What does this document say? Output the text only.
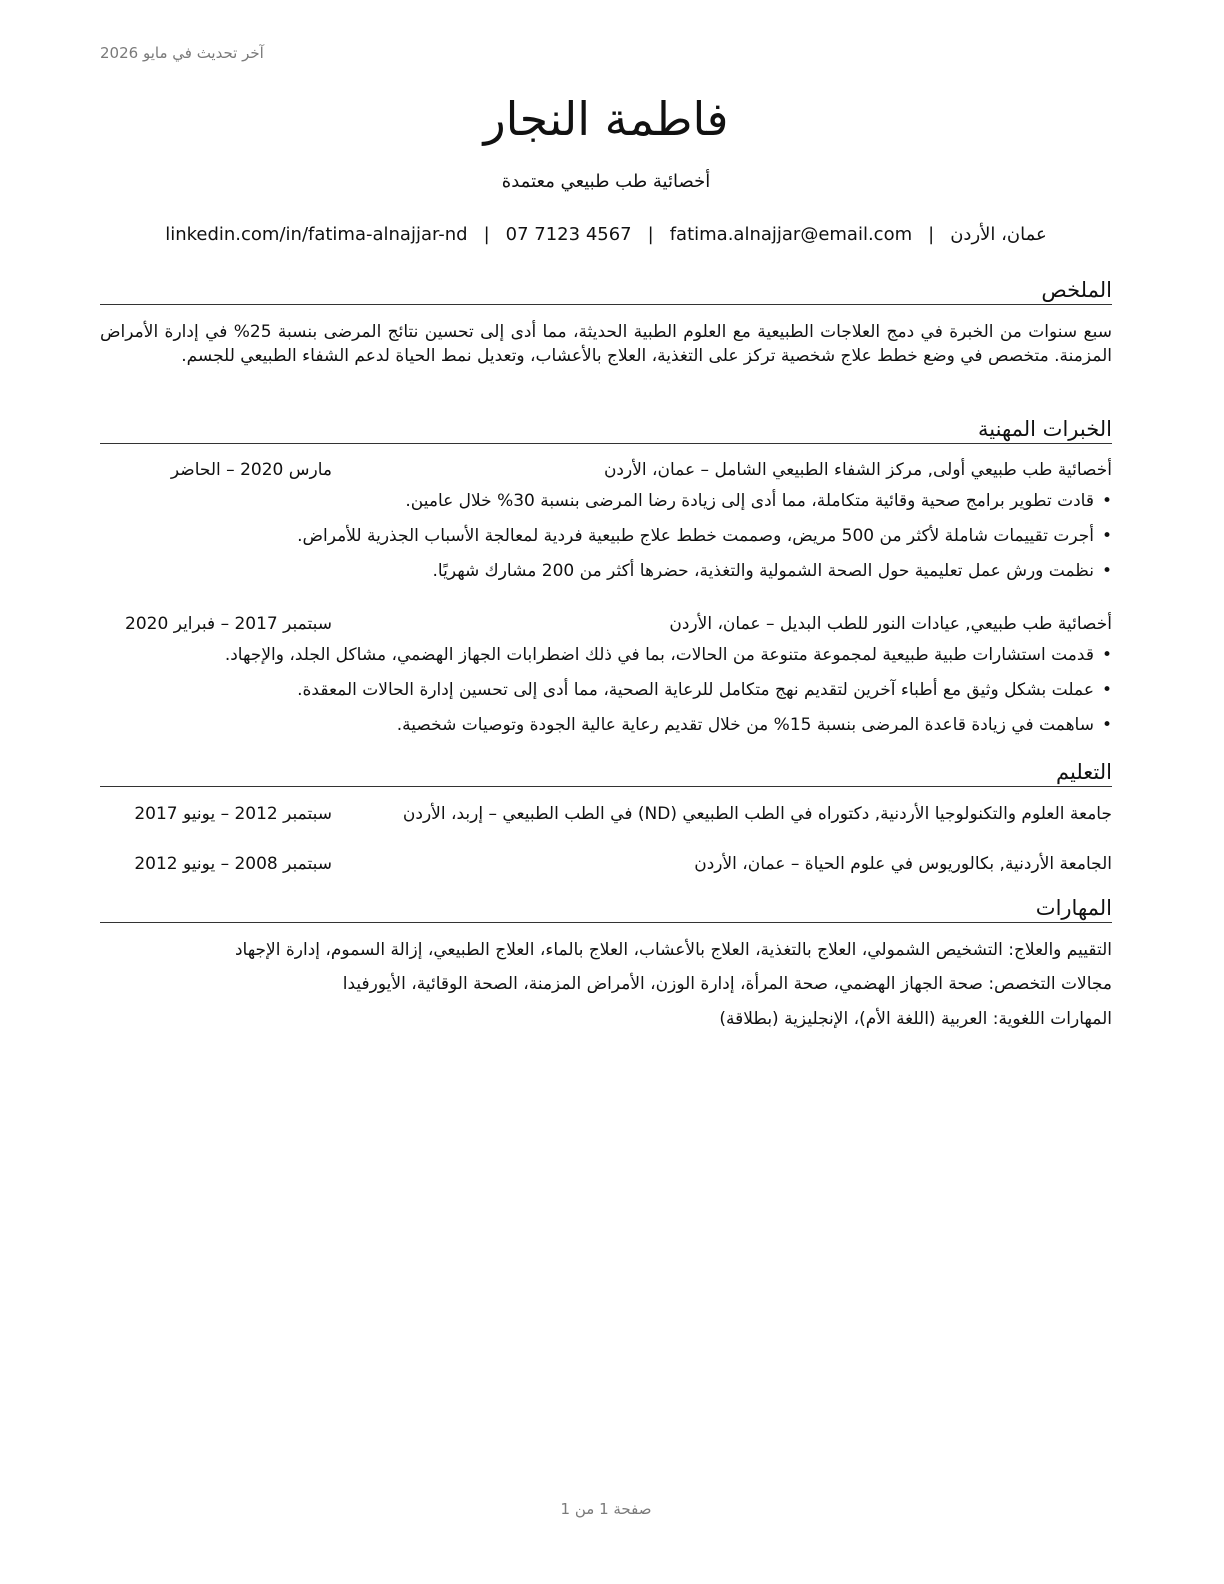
آخر تحديث في مايو 2026
فاطمة النجار
أخصائية طب طبيعي معتمدة
عمان، الأردن|fatima.alnajjar@email.com|07 7123 4567|linkedin.com/in/fatima-alnajjar-nd
الملخص
سبع سنوات من الخبرة في دمج العلاجات الطبيعية مع العلوم الطبية الحديثة، مما أدى إلى تحسين نتائج المرضى بنسبة 25% في إدارة الأمراض المزمنة. متخصص في وضع خطط علاج شخصية تركز على التغذية، العلاج بالأعشاب، وتعديل نمط الحياة لدعم الشفاء الطبيعي للجسم.
الخبرات المهنية
أخصائية طب طبيعي أولى, مركز الشفاء الطبيعي الشامل – عمان، الأردن
مارس 2020 – الحاضر
•قادت تطوير برامج صحية وقائية متكاملة، مما أدى إلى زيادة رضا المرضى بنسبة 30% خلال عامين.
•أجرت تقييمات شاملة لأكثر من 500 مريض، وصممت خطط علاج طبيعية فردية لمعالجة الأسباب الجذرية للأمراض.
•نظمت ورش عمل تعليمية حول الصحة الشمولية والتغذية، حضرها أكثر من 200 مشارك شهريًا.
أخصائية طب طبيعي, عيادات النور للطب البديل – عمان، الأردن
سبتمبر 2017 – فبراير 2020
•قدمت استشارات طبية طبيعية لمجموعة متنوعة من الحالات، بما في ذلك اضطرابات الجهاز الهضمي، مشاكل الجلد، والإجهاد.
•عملت بشكل وثيق مع أطباء آخرين لتقديم نهج متكامل للرعاية الصحية، مما أدى إلى تحسين إدارة الحالات المعقدة.
•ساهمت في زيادة قاعدة المرضى بنسبة 15% من خلال تقديم رعاية عالية الجودة وتوصيات شخصية.
التعليم
جامعة العلوم والتكنولوجيا الأردنية, دكتوراه في الطب الطبيعي (ND) في الطب الطبيعي – إربد، الأردن
سبتمبر 2012 – يونيو 2017
الجامعة الأردنية, بكالوريوس في علوم الحياة – عمان، الأردن
سبتمبر 2008 – يونيو 2012
المهارات
التقييم والعلاج: التشخيص الشمولي، العلاج بالتغذية، العلاج بالأعشاب، العلاج بالماء، العلاج الطبيعي، إزالة السموم، إدارة الإجهاد
مجالات التخصص: صحة الجهاز الهضمي، صحة المرأة، إدارة الوزن، الأمراض المزمنة، الصحة الوقائية، الأيورفيدا
المهارات اللغوية: العربية (اللغة الأم)، الإنجليزية (بطلاقة)
صفحة 1 من 1
